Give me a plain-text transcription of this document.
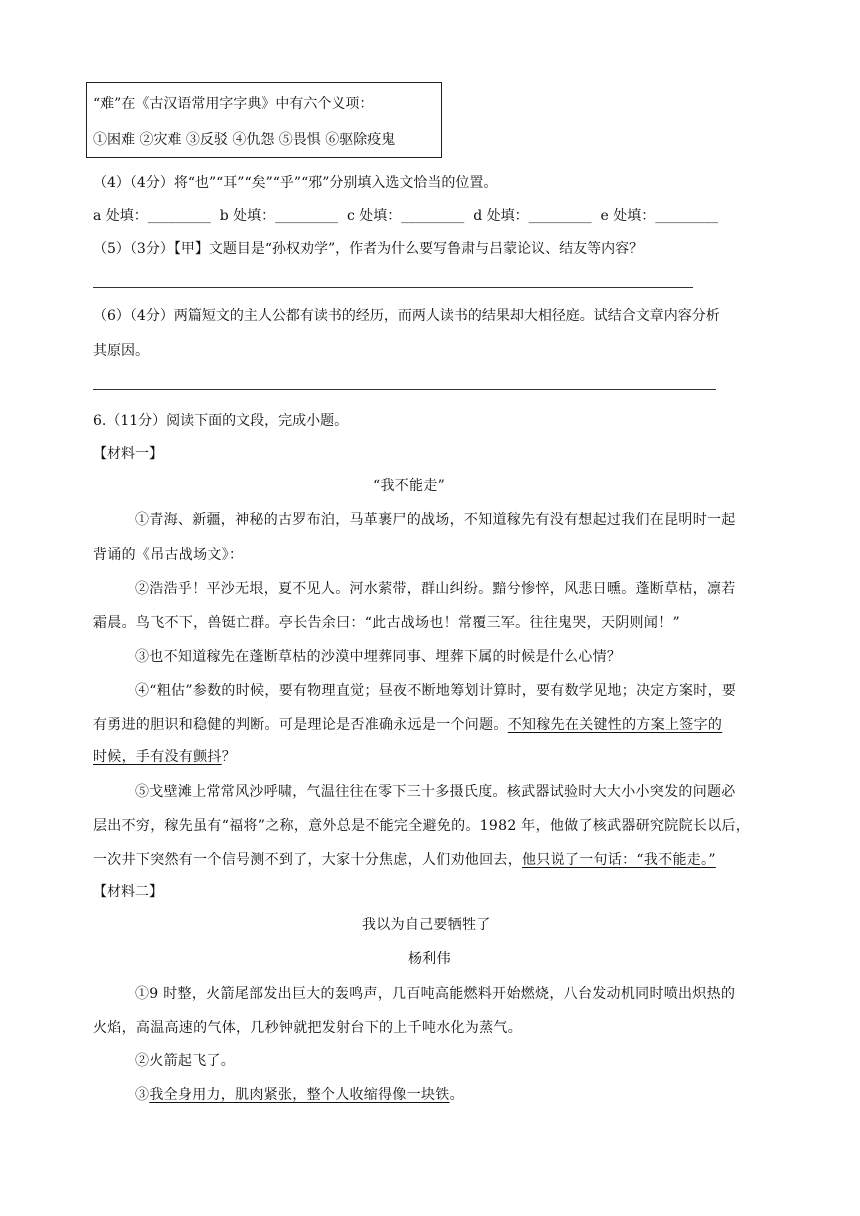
“难”在《古汉语常用字字典》中有六个义项：
①困难 ②灾难 ③反驳 ④仇怨 ⑤畏惧 ⑥驱除疫鬼
（4）（4分）将“也”“耳”“矣”“乎”“邪”分别填入选文恰当的位置。
a 处填：_________  b 处填：_________  c 处填：_________  d 处填：_________  e 处填：_________
（5）（3分）【甲】文题目是“孙权劝学”，作者为什么要写鲁肃与吕蒙论议、结友等内容？
（6）（4分）两篇短文的主人公都有读书的经历，而两人读书的结果却大相径庭。试结合文章内容分析
其原因。
6.（11分）阅读下面的文段，完成小题。
【材料一】
“我不能走”
①青海、新疆，神秘的古罗布泊，马革裹尸的战场，不知道稼先有没有想起过我们在昆明时一起
背诵的《吊古战场文》：
②浩浩乎！平沙无垠，夏不见人。河水萦带，群山纠纷。黯兮惨悴，风悲日曛。蓬断草枯，凛若
霜晨。鸟飞不下，兽铤亡群。亭长告余曰：“此古战场也！常覆三军。往往鬼哭，天阴则闻！”
③也不知道稼先在蓬断草枯的沙漠中埋葬同事、埋葬下属的时候是什么心情？
④“粗估”参数的时候，要有物理直觉；昼夜不断地筹划计算时，要有数学见地；决定方案时，要
有勇进的胆识和稳健的判断。可是理论是否准确永远是一个问题。不知稼先在关键性的方案上签字的
时候，手有没有颤抖？
⑤戈壁滩上常常风沙呼啸，气温往往在零下三十多摄氏度。核武器试验时大大小小突发的问题必
层出不穷，稼先虽有“福将”之称，意外总是不能完全避免的。1982 年，他做了核武器研究院院长以后，
一次井下突然有一个信号测不到了，大家十分焦虑，人们劝他回去，他只说了一句话：“我不能走。”
【材料二】
我以为自己要牺牲了
杨利伟
①9 时整，火箭尾部发出巨大的轰鸣声，几百吨高能燃料开始燃烧，八台发动机同时喷出炽热的
火焰，高温高速的气体，几秒钟就把发射台下的上千吨水化为蒸气。
②火箭起飞了。
③我全身用力，肌肉紧张，整个人收缩得像一块铁。
